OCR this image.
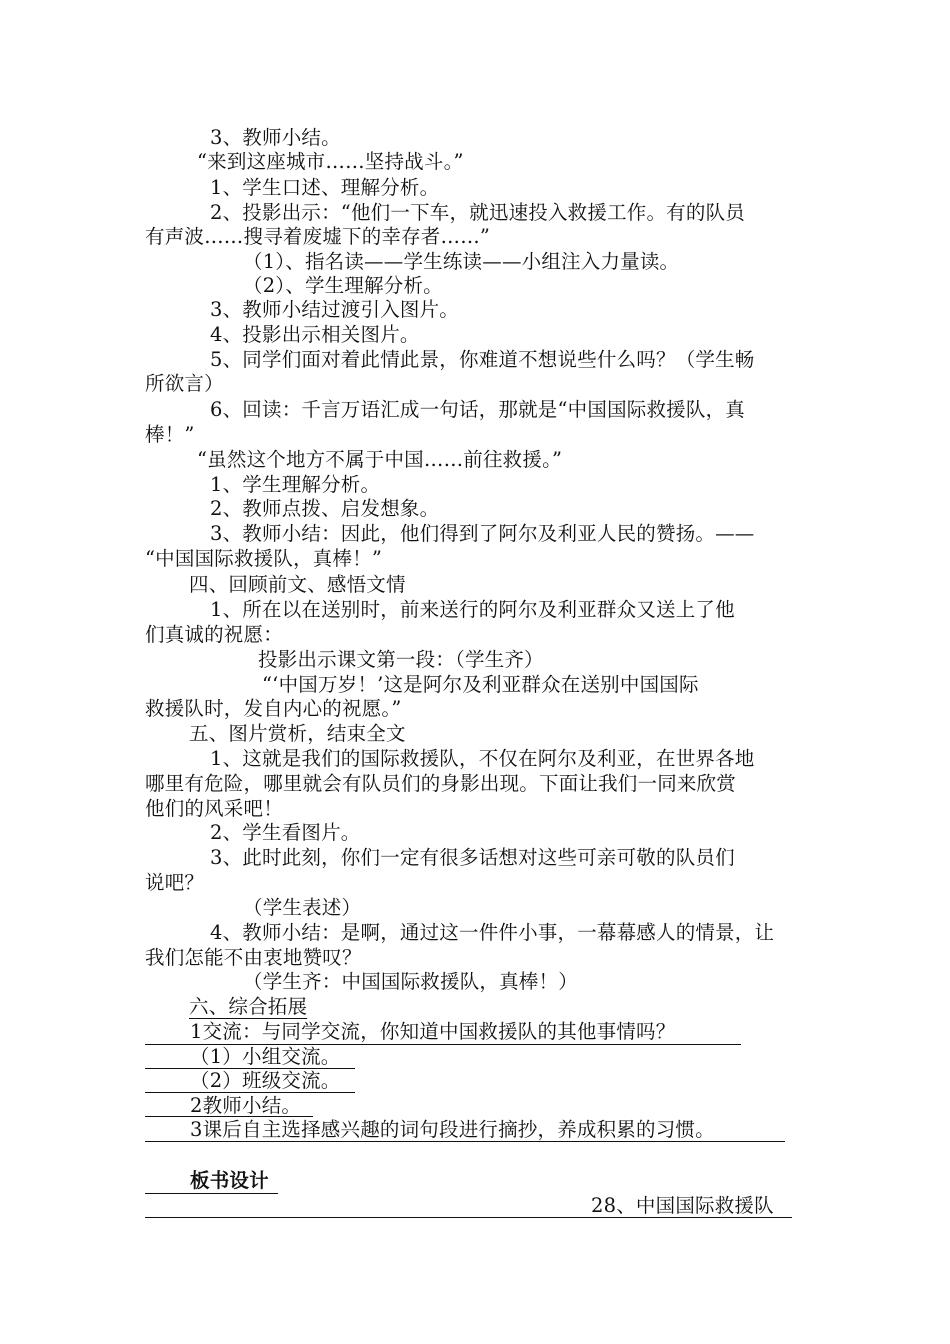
3、教师小结。
“来到这座城市……坚持战斗。”
1、学生口述、理解分析。
2、投影出示：“他们一下车，就迅速投入救援工作。有的队员
有声波……搜寻着废墟下的幸存者……”
（1）、指名读——学生练读——小组注入力量读。
（2）、学生理解分析。
3、教师小结过渡引入图片。
4、投影出示相关图片。
5、同学们面对着此情此景，你难道不想说些什么吗？（学生畅
所欲言）
6、回读：千言万语汇成一句话，那就是“中国国际救援队，真
棒！”
“虽然这个地方不属于中国……前往救援。”
1、学生理解分析。
2、教师点拨、启发想象。
3、教师小结：因此，他们得到了阿尔及利亚人民的赞扬。——
“中国国际救援队，真棒！”
四、回顾前文、感悟文情
1、所在以在送别时，前来送行的阿尔及利亚群众又送上了他
们真诚的祝愿：
投影出示课文第一段：（学生齐）
“‘中国万岁！’这是阿尔及利亚群众在送别中国国际
救援队时，发自内心的祝愿。”
五、图片赏析，结束全文
1、这就是我们的国际救援队，不仅在阿尔及利亚，在世界各地
哪里有危险，哪里就会有队员们的身影出现。下面让我们一同来欣赏
他们的风采吧！
2、学生看图片。
3、此时此刻，你们一定有很多话想对这些可亲可敬的队员们
说吧？
（学生表述）
4、教师小结：是啊，通过这一件件小事，一幕幕感人的情景，让
我们怎能不由衷地赞叹？
（学生齐：中国国际救援队，真棒！）
六、综合拓展
1交流：与同学交流，你知道中国救援队的其他事情吗？
（1）小组交流。
（2）班级交流。
2教师小结。
3课后自主选择感兴趣的词句段进行摘抄，养成积累的习惯。
板书设计
28、中国国际救援队
